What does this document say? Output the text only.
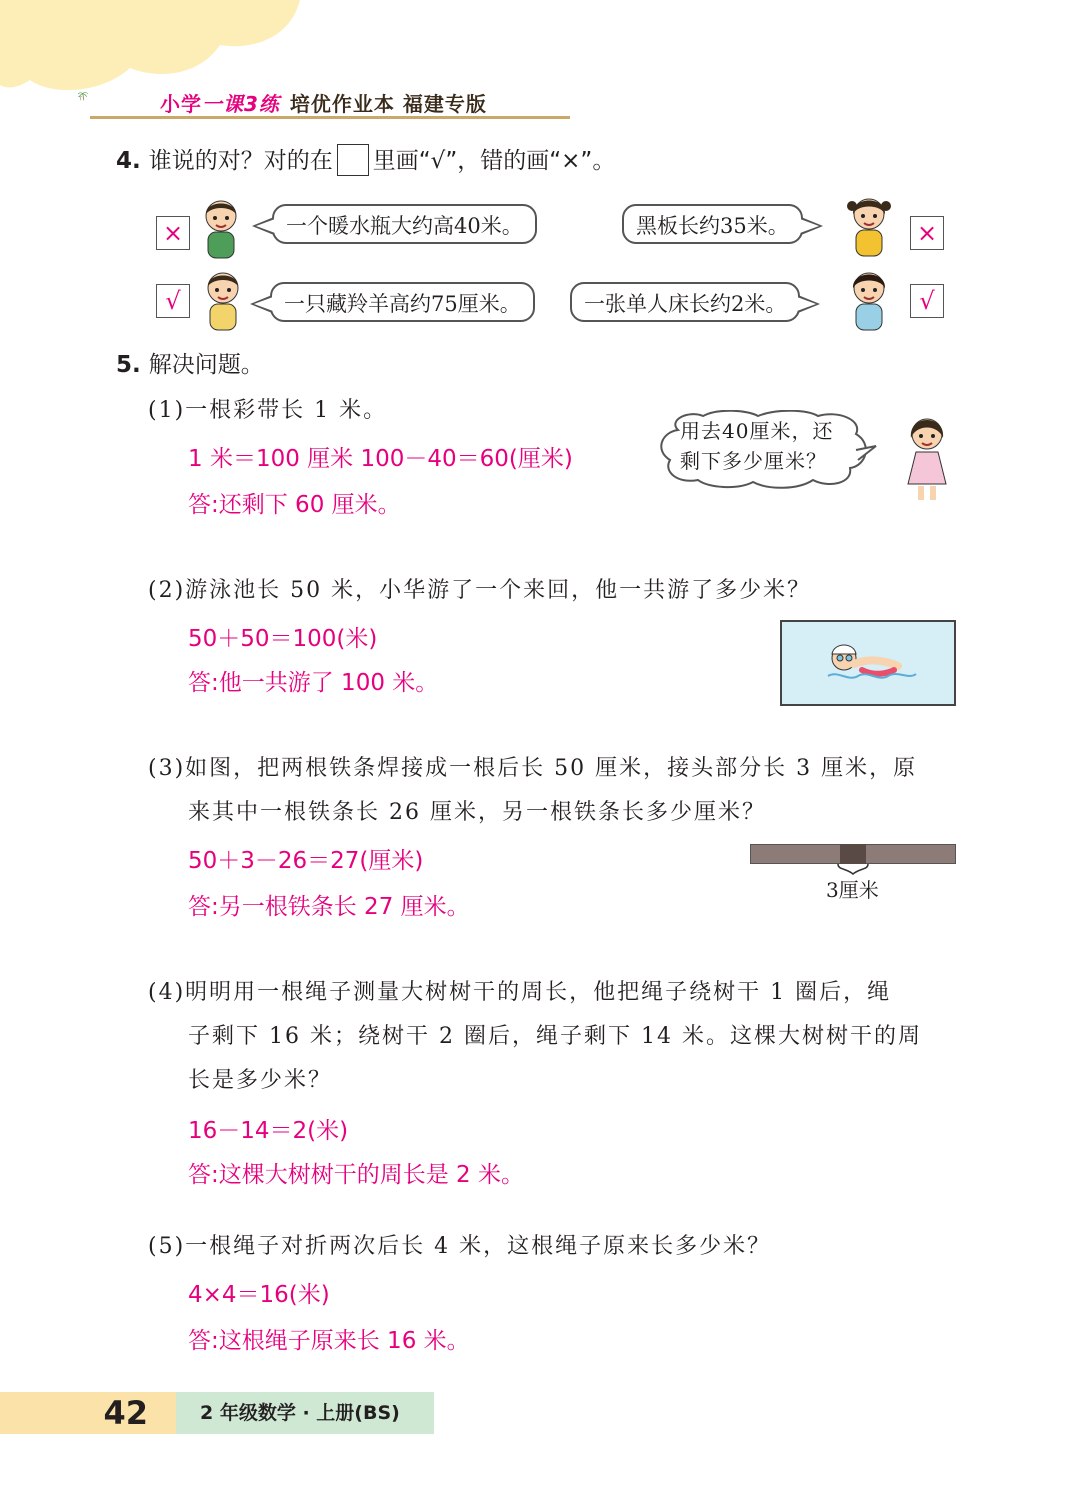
小学一课3练 培优作业本 福建专版
4. 谁说的对？对的在 里画“√”，错的画“×”。
×	一个暖水瓶大约高40米。	黑板长约35米。	×
√	一只藏羚羊高约75厘米。	一张单人床长约2米。	√
5. 解决问题。
(1)一根彩带长 1 米。
用去40厘米，还
剩下多少厘米？
1 米＝100 厘米 100－40＝60(厘米)
答:还剩下 60 厘米。
(2)游泳池长 50 米，小华游了一个来回，他一共游了多少米？
50＋50＝100(米)
答:他一共游了 100 米。
(3)如图，把两根铁条焊接成一根后长 50 厘米，接头部分长 3 厘米，原
来其中一根铁条长 26 厘米，另一根铁条长多少厘米？
50＋3－26＝27(厘米)
答:另一根铁条长 27 厘米。
3厘米
(4)明明用一根绳子测量大树树干的周长，他把绳子绕树干 1 圈后，绳
子剩下 16 米；绕树干 2 圈后，绳子剩下 14 米。这棵大树树干的周
长是多少米？
16－14＝2(米)
答:这棵大树树干的周长是 2 米。
(5)一根绳子对折两次后长 4 米，这根绳子原来长多少米？
4×4＝16(米)
答:这根绳子原来长 16 米。
42	2 年级数学 · 上册(BS)
